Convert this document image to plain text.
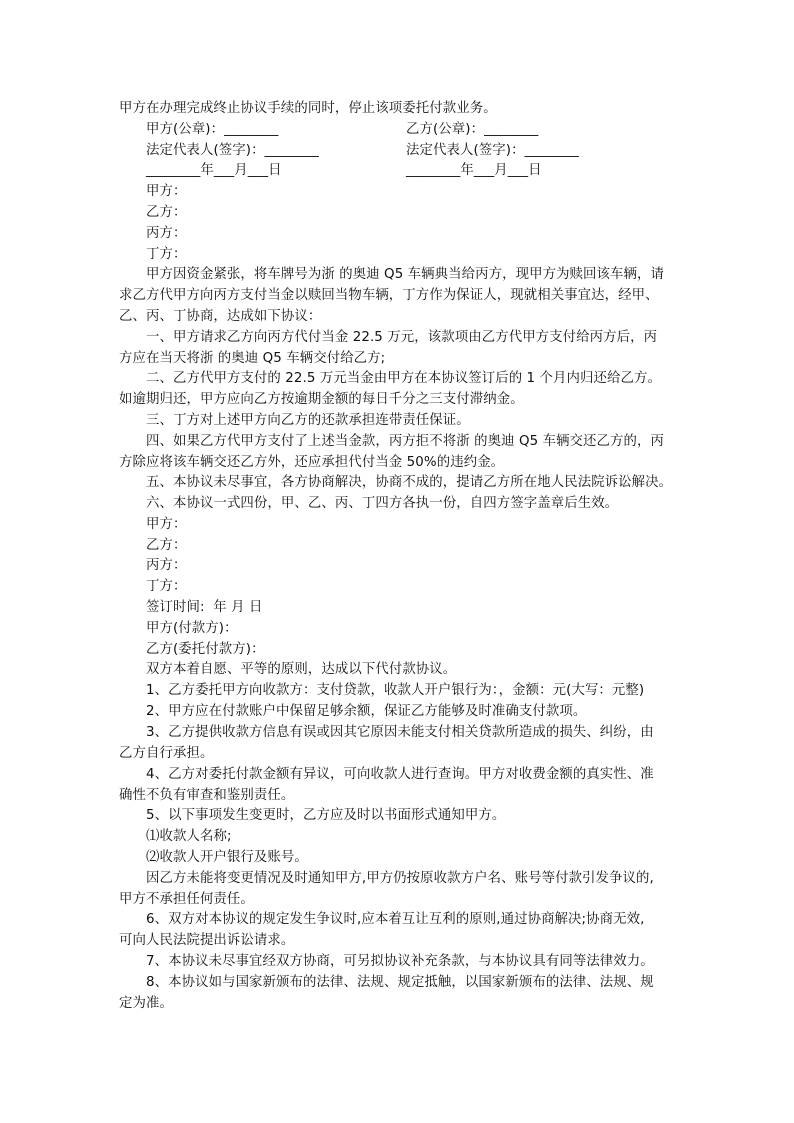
甲方在办理完成终止协议手续的同时，停止该项委托付款业务。
甲方(公章)：________	乙方(公章)：________
法定代表人(签字)：________	法定代表人(签字)：________
________年___月___日	________年___月___日
甲方：
乙方：
丙方：
丁方：
甲方因资金紧张，将车牌号为浙 的奥迪 Q5 车辆典当给丙方，现甲方为赎回该车辆，请
求乙方代甲方向丙方支付当金以赎回当物车辆，丁方作为保证人，现就相关事宜达，经甲、
乙、丙、丁协商，达成如下协议：
一、甲方请求乙方向丙方代付当金 22.5 万元，该款项由乙方代甲方支付给丙方后，丙
方应在当天将浙 的奥迪 Q5 车辆交付给乙方;
二、乙方代甲方支付的 22.5 万元当金由甲方在本协议签订后的 1 个月内归还给乙方。
如逾期归还，甲方应向乙方按逾期金额的每日千分之三支付滞纳金。
三、丁方对上述甲方向乙方的还款承担连带责任保证。
四、如果乙方代甲方支付了上述当金款，丙方拒不将浙 的奥迪 Q5 车辆交还乙方的，丙
方除应将该车辆交还乙方外，还应承担代付当金 50%的违约金。
五、本协议未尽事宜，各方协商解决，协商不成的，提请乙方所在地人民法院诉讼解决。
六、本协议一式四份，甲、乙、丙、丁四方各执一份，自四方签字盖章后生效。
甲方：
乙方：
丙方：
丁方：
签订时间:  年 月 日
甲方(付款方)：
乙方(委托付款方)：
双方本着自愿、平等的原则，达成以下代付款协议。
1、乙方委托甲方向收款方：支付贷款，收款人开户银行为：，金额：元(大写：元整)
2、甲方应在付款账户中保留足够余额，保证乙方能够及时准确支付款项。
3、乙方提供收款方信息有误或因其它原因未能支付相关贷款所造成的损失、纠纷，由
乙方自行承担。
4、乙方对委托付款金额有异议，可向收款人进行查询。甲方对收费金额的真实性、准
确性不负有审查和鉴别责任。
5、以下事项发生变更时，乙方应及时以书面形式通知甲方。
⑴收款人名称;
⑵收款人开户银行及账号。
因乙方未能将变更情况及时通知甲方,甲方仍按原收款方户名、账号等付款引发争议的,
甲方不承担任何责任。
6、双方对本协议的规定发生争议时,应本着互让互利的原则,通过协商解决;协商无效,
可向人民法院提出诉讼请求。
7、本协议未尽事宜经双方协商，可另拟协议补充条款，与本协议具有同等法律效力。
8、本协议如与国家新颁布的法律、法规、规定抵触，以国家新颁布的法律、法规、规
定为准。
